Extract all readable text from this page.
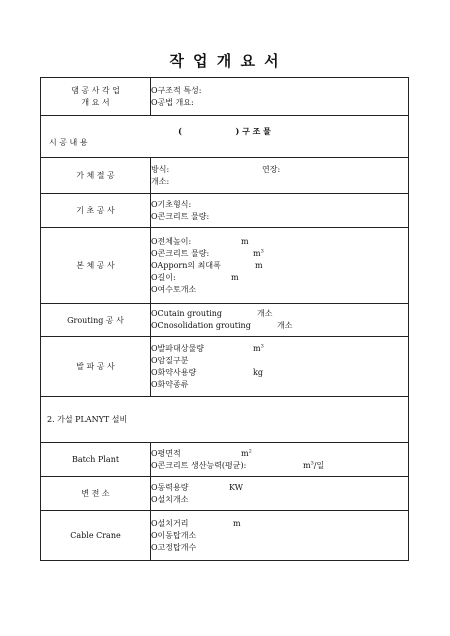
작 업 개 요 서
댐 공 사 각 업
개 요 서	O구조적 특성:
O공법 개요:

( ) 구 조 물
시 공 내 용	

가 체 절 공	방식: 연장:
개소:

기 초 공 사	O기초형식:
O콘크리트 물량:

본 체 공 사	O전체높이: m
O콘크리트 물량: $m^3$
OApporn의 최대폭 m
O길이: m
O여수토개소

Grouting 공 사	OCutain grouting 개소
OCnosolidation grouting 개소

발 파 공 사	O발파대상물량 $m^3$
O암질구분
O화약사용량 kg
O화약종류

2. 가설 PLANYT 설비	
Batch Plant	O평면적 $m^2$
O콘크리트 생산능력(평균): $m^3/$일

변 전 소	O동력용량 KW
O설치개소

Cable Crane	O설치거리 m
O이동탑개소
O고정탑개수
